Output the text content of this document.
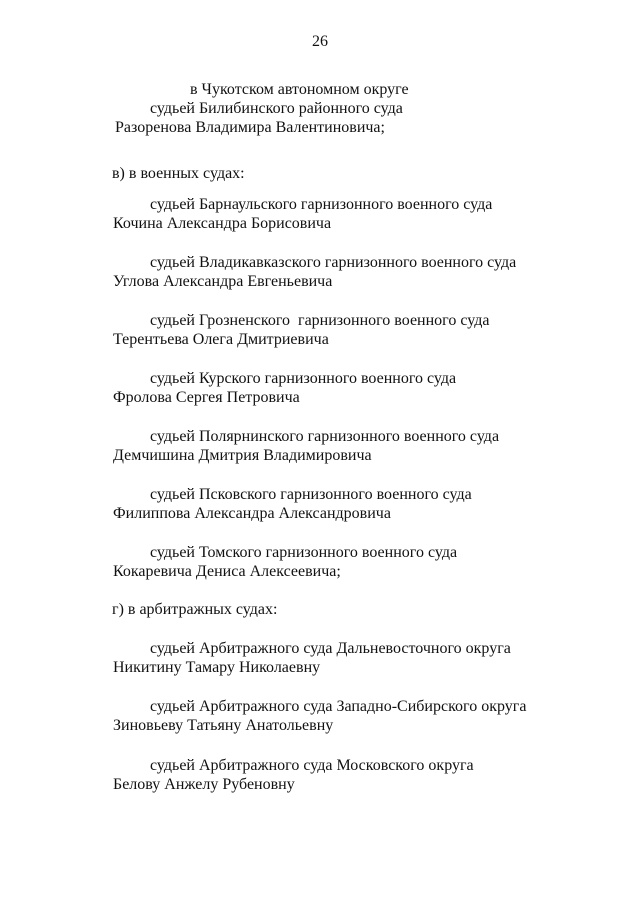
26
в Чукотском автономном округе
судьей Билибинского районного суда
Разоренова Владимира Валентиновича;
в) в военных судах:
судьей Барнаульского гарнизонного военного суда
Кочина Александра Борисовича
судьей Владикавказского гарнизонного военного суда
Углова Александра Евгеньевича
судьей Грозненского  гарнизонного военного суда
Терентьева Олега Дмитриевича
судьей Курского гарнизонного военного суда
Фролова Сергея Петровича
судьей Полярнинского гарнизонного военного суда
Демчишина Дмитрия Владимировича
судьей Псковского гарнизонного военного суда
Филиппова Александра Александровича
судьей Томского гарнизонного военного суда
Кокаревича Дениса Алексеевича;
г) в арбитражных судах:
судьей Арбитражного суда Дальневосточного округа
Никитину Тамару Николаевну
судьей Арбитражного суда Западно-Сибирского округа
Зиновьеву Татьяну Анатольевну
судьей Арбитражного суда Московского округа
Белову Анжелу Рубеновну
